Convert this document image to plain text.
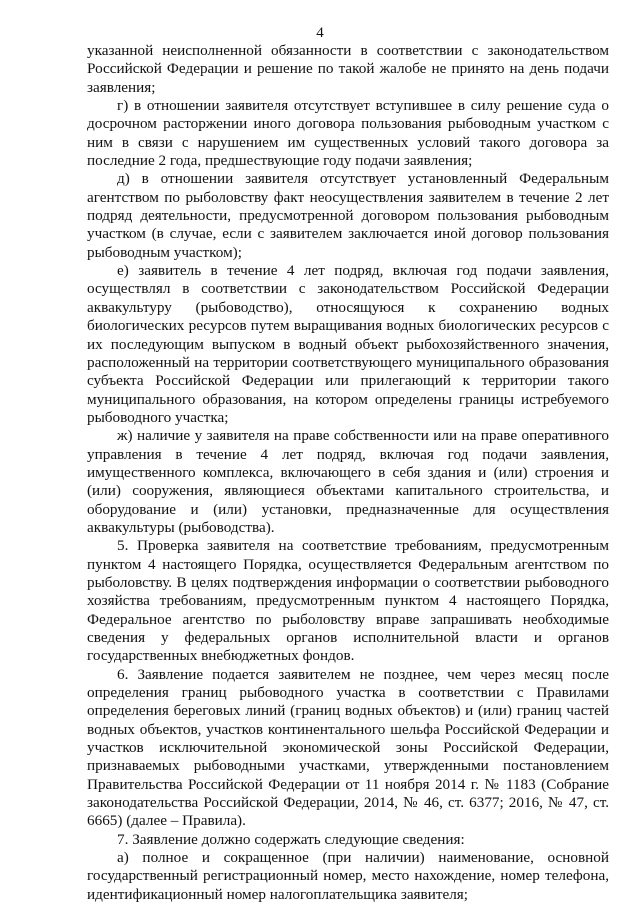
4

указанной неисполненной обязанности в соответствии с законодательством Российской Федерации и решение по такой жалобе не принято на день подачи заявления;

г) в отношении заявителя отсутствует вступившее в силу решение суда о досрочном расторжении иного договора пользования рыбоводным участком с ним в связи с нарушением им существенных условий такого договора за последние 2 года, предшествующие году подачи заявления;

д) в отношении заявителя отсутствует установленный Федеральным агентством по рыболовству факт неосуществления заявителем в течение 2 лет подряд деятельности, предусмотренной договором пользования рыбоводным участком (в случае, если с заявителем заключается иной договор пользования рыбоводным участком);

е) заявитель в течение 4 лет подряд, включая год подачи заявления, осуществлял в соответствии с законодательством Российской Федерации аквакультуру (рыбоводство), относящуюся к сохранению водных биологических ресурсов путем выращивания водных биологических ресурсов с их последующим выпуском в водный объект рыбохозяйственного значения, расположенный на территории соответствующего муниципального образования субъекта Российской Федерации или прилегающий к территории такого муниципального образования, на котором определены границы истребуемого рыбоводного участка;

ж) наличие у заявителя на праве собственности или на праве оперативного управления в течение 4 лет подряд, включая год подачи заявления, имущественного комплекса, включающего в себя здания и (или) строения и (или) сооружения, являющиеся объектами капитального строительства, и оборудование и (или) установки, предназначенные для осуществления аквакультуры (рыбоводства).

5. Проверка заявителя на соответствие требованиям, предусмотренным пунктом 4 настоящего Порядка, осуществляется Федеральным агентством по рыболовству. В целях подтверждения информации о соответствии рыбоводного хозяйства требованиям, предусмотренным пунктом 4 настоящего Порядка, Федеральное агентство по рыболовству вправе запрашивать необходимые сведения у федеральных органов исполнительной власти и органов государственных внебюджетных фондов.

6. Заявление подается заявителем не позднее, чем через месяц после определения границ рыбоводного участка в соответствии с Правилами определения береговых линий (границ водных объектов) и (или) границ частей водных объектов, участков континентального шельфа Российской Федерации и участков исключительной экономической зоны Российской Федерации, признаваемых рыбоводными участками, утвержденными постановлением Правительства Российской Федерации от 11 ноября 2014 г. № 1183 (Собрание законодательства Российской Федерации, 2014, № 46, ст. 6377; 2016, № 47, ст. 6665) (далее – Правила).

7. Заявление должно содержать следующие сведения:

а) полное и сокращенное (при наличии) наименование, основной государственный регистрационный номер, место нахождение, номер телефона, идентификационный номер налогоплательщика заявителя;
